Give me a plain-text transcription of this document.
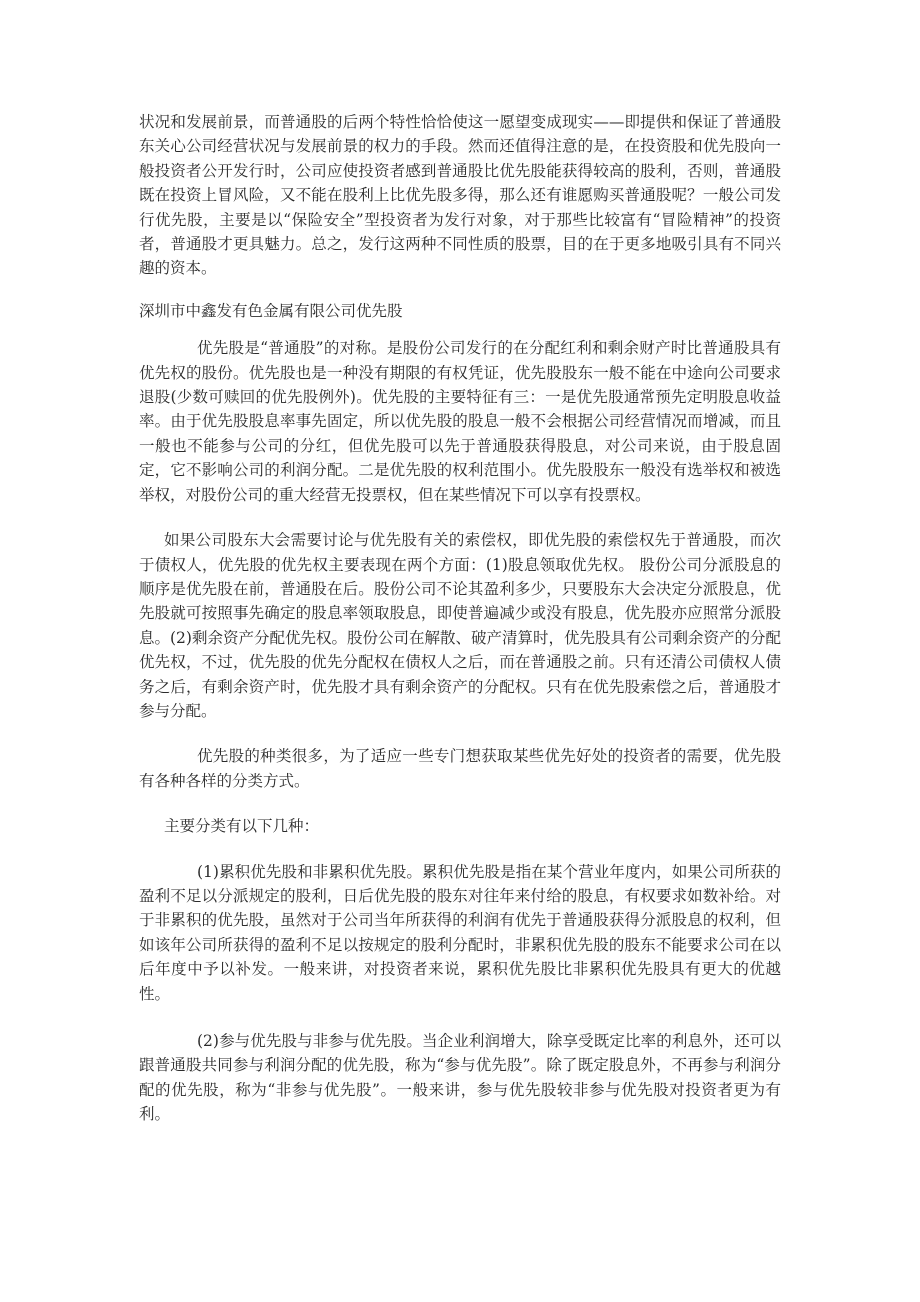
状况和发展前景，而普通股的后两个特性恰恰使这一愿望变成现实——即提供和保证了普通股东关心公司经营状况与发展前景的权力的手段。然而还值得注意的是，在投资股和优先股向一般投资者公开发行时，公司应使投资者感到普通股比优先股能获得较高的股利，否则，普通股既在投资上冒风险，又不能在股利上比优先股多得，那么还有谁愿购买普通股呢？一般公司发行优先股，主要是以“保险安全”型投资者为发行对象，对于那些比较富有“冒险精神”的投资者，普通股才更具魅力。总之，发行这两种不同性质的股票，目的在于更多地吸引具有不同兴趣的资本。

深圳市中鑫发有色金属有限公司优先股

优先股是“普通股”的对称。是股份公司发行的在分配红利和剩余财产时比普通股具有优先权的股份。优先股也是一种没有期限的有权凭证，优先股股东一般不能在中途向公司要求退股(少数可赎回的优先股例外)。优先股的主要特征有三：一是优先股通常预先定明股息收益率。由于优先股股息率事先固定，所以优先股的股息一般不会根据公司经营情况而增减，而且一般也不能参与公司的分红，但优先股可以先于普通股获得股息，对公司来说，由于股息固定，它不影响公司的利润分配。二是优先股的权利范围小。优先股股东一般没有选举权和被选举权，对股份公司的重大经营无投票权，但在某些情况下可以享有投票权。

如果公司股东大会需要讨论与优先股有关的索偿权，即优先股的索偿权先于普通股，而次于债权人，优先股的优先权主要表现在两个方面：(1)股息领取优先权。 股份公司分派股息的顺序是优先股在前，普通股在后。股份公司不论其盈利多少，只要股东大会决定分派股息，优先股就可按照事先确定的股息率领取股息，即使普遍减少或没有股息，优先股亦应照常分派股息。(2)剩余资产分配优先权。股份公司在解散、破产清算时，优先股具有公司剩余资产的分配优先权，不过，优先股的优先分配权在债权人之后，而在普通股之前。只有还清公司债权人债务之后，有剩余资产时，优先股才具有剩余资产的分配权。只有在优先股索偿之后，普通股才参与分配。

优先股的种类很多，为了适应一些专门想获取某些优先好处的投资者的需要，优先股有各种各样的分类方式。

主要分类有以下几种：

(1)累积优先股和非累积优先股。累积优先股是指在某个营业年度内，如果公司所获的盈利不足以分派规定的股利，日后优先股的股东对往年来付给的股息，有权要求如数补给。对于非累积的优先股，虽然对于公司当年所获得的利润有优先于普通股获得分派股息的权利，但如该年公司所获得的盈利不足以按规定的股利分配时，非累积优先股的股东不能要求公司在以后年度中予以补发。一般来讲，对投资者来说，累积优先股比非累积优先股具有更大的优越性。

(2)参与优先股与非参与优先股。当企业利润增大，除享受既定比率的利息外，还可以跟普通股共同参与利润分配的优先股，称为“参与优先股”。除了既定股息外，不再参与利润分配的优先股，称为“非参与优先股”。一般来讲，参与优先股较非参与优先股对投资者更为有利。
